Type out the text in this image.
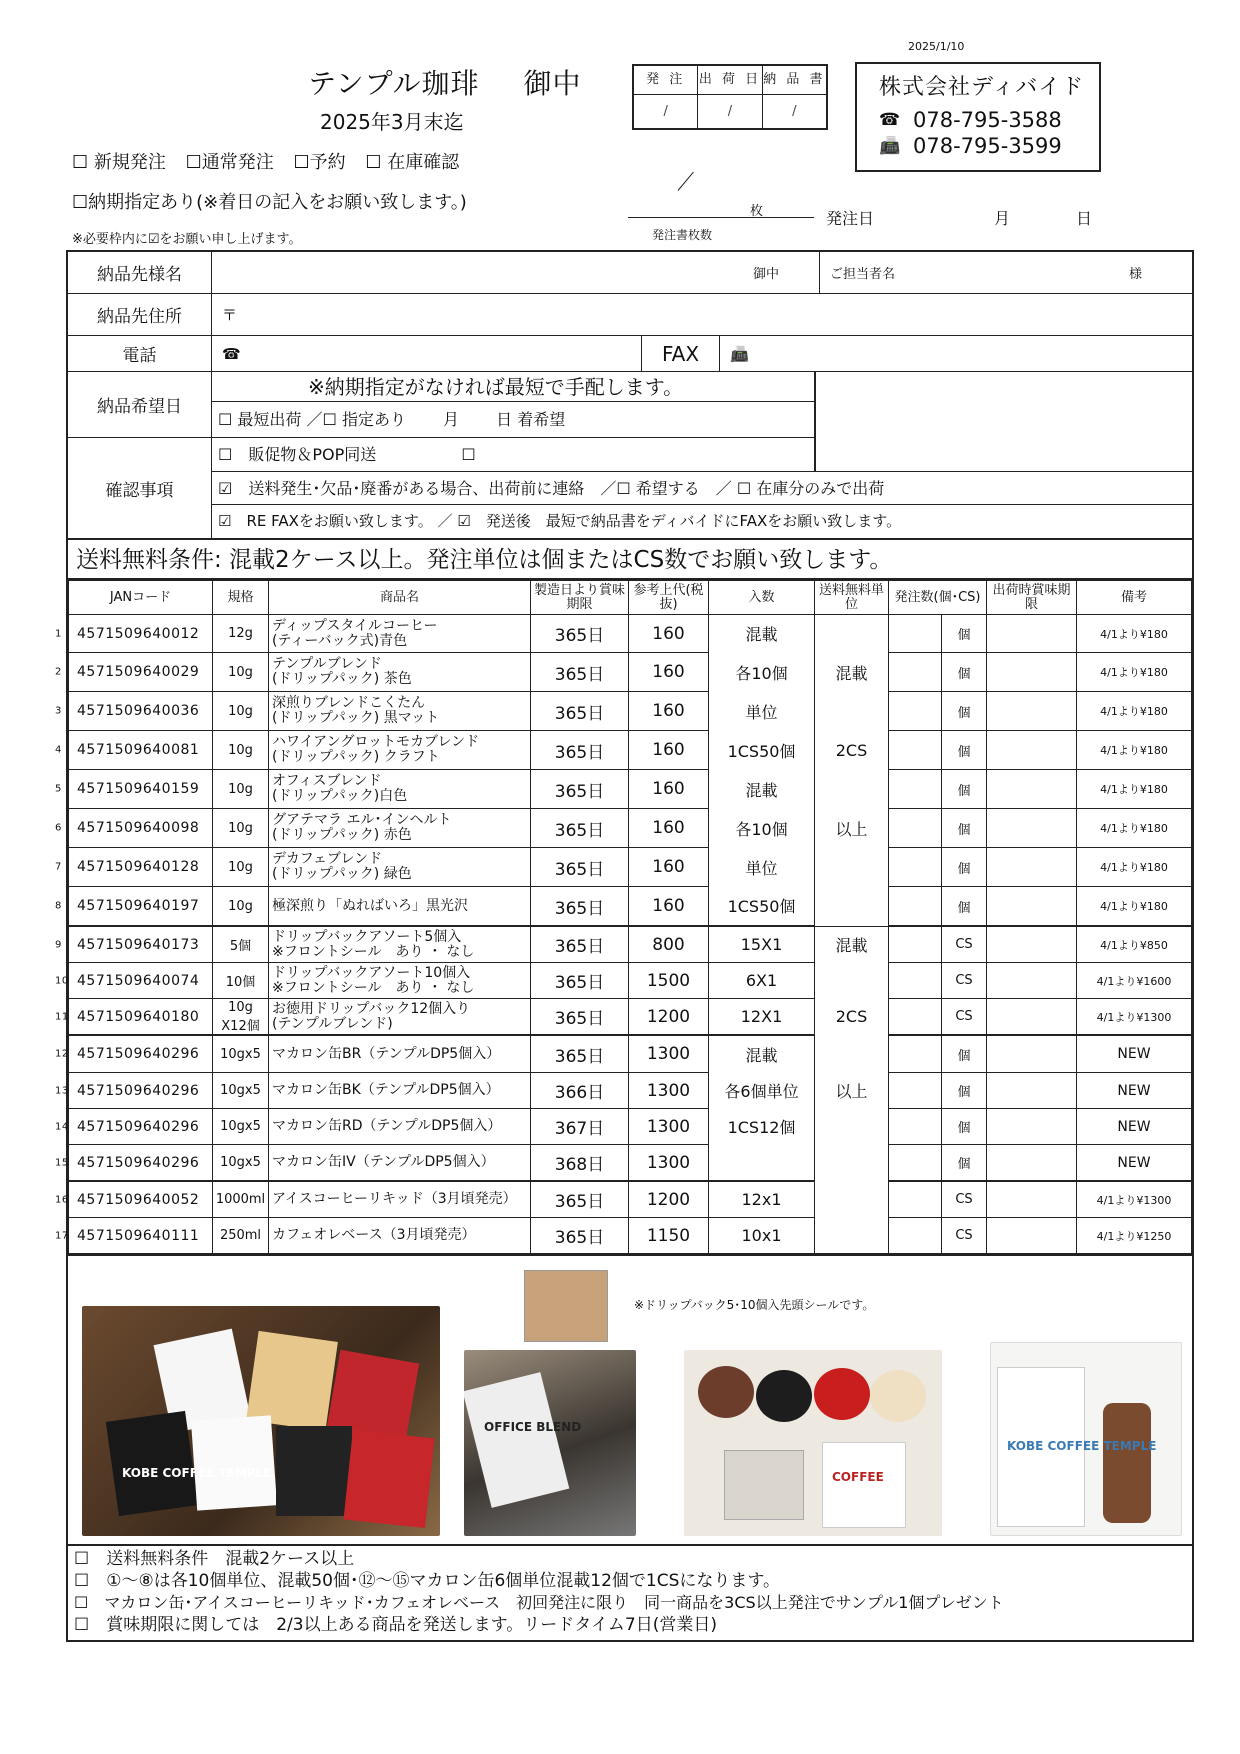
2025/1/10
テンプル珈琲 御中
2025年3月末迄
発 注	出 荷 日 納 品 書
/	/	/
株式会社ディバイド
☎ 078-795-3588
📠 078-795-3599
☐ 新規発注 ☐通常発注 ☐予約 ☐ 在庫確認
☐納期指定あり(※着日の記入をお願い致します。)
※必要枠内に☑をお願い申し上げます。
枚
発注書枚数
発注日	月	日
納品先様名	御中	ご担当者名	様
納品先住所	〒
電話	☎	FAX	📠
納品希望日
確認事項
※納期指定がなければ最短で手配します。
☐ 最短出荷 ／☐ 指定あり　　 月　　 日 着希望
☐　販促物＆POP同送　　　　　 ☐
☑　送料発生･欠品･廃番がある場合、出荷前に連絡　／☐ 希望する　／ ☐ 在庫分のみで出荷
☑　RE FAXをお願い致します。 ／ ☑　発送後　最短で納品書をディバイドにFAXをお願い致します。
送料無料条件: 混載2ケース以上。発注単位は個またはCS数でお願い致します。
JANコード	規格	商品名	製造日より賞味期限	参考上代(税抜)	入数	送料無料単位	発注数(個･CS)	出荷時賞味期限	備考

1 4571509640012	12g	ディップスタイルコーヒー
(ティーバック式)青色	365日	160	混載		個		4/1より¥180

2 4571509640029	10g	テンプルブレンド
(ドリップパック) 茶色	365日	160	各10個	混載	個		4/1より¥180

3 4571509640036	10g	深煎りブレンドこくたん
(ドリップパック) 黒マット	365日	160	単位		個		4/1より¥180

4 4571509640081	10g	ハワイアングロットモカブレンド
(ドリップパック) クラフト	365日	160	1CS50個	2CS	個		4/1より¥180

5 4571509640159	10g	オフィスブレンド
(ドリップパック)白色	365日	160	混載		個		4/1より¥180

6 4571509640098	10g	グアテマラ エル･インヘルト
(ドリップパック) 赤色	365日	160	各10個	以上	個		4/1より¥180

7 4571509640128	10g	デカフェブレンド
(ドリップパック) 緑色	365日	160	単位		個		4/1より¥180

8 4571509640197	10g	極深煎り「ぬればいろ」黒光沢	365日	160	1CS50個		個		4/1より¥180

9 4571509640173	5個	ドリップバックアソート5個入
※フロントシール　あり ・ なし	365日	800	15X1	混載	CS		4/1より¥850

10 4571509640074	10個	ドリップバックアソート10個入
※フロントシール　あり ・ なし	365日	1500	6X1		CS		4/1より¥1600

11 4571509640180	10g
X12個	お徳用ドリップバック12個入り
(テンプルブレンド)	365日	1200	12X1	2CS	CS		4/1より¥1300

12 4571509640296	10gx5	マカロン缶BR（テンプルDP5個入）	365日	1300	混載		個		NEW

13 4571509640296	10gx5	マカロン缶BK（テンプルDP5個入）	366日	1300	各6個単位	以上	個		NEW

14 4571509640296	10gx5	マカロン缶RD（テンプルDP5個入）	367日	1300	1CS12個		個		NEW

15 4571509640296	10gx5	マカロン缶IV（テンプルDP5個入）	368日	1300			個		NEW

16 4571509640052	1000ml	アイスコーヒーリキッド（3月頃発売）	365日	1200	12x1		CS		4/1より¥1300

17 4571509640111	250ml	カフェオレベース（3月頃発売）	365日	1150	10x1		CS		4/1より¥1250
KOBE COFFEE TEMPLE
※ドリップバック5･10個入先頭シールです。
OFFICE BLEND
COFFEE
KOBE COFFEE TEMPLE
☐　送料無料条件　混載2ケース以上
☐　①～⑧は各10個単位、混載50個･⑫～⑮マカロン缶6個単位混載12個で1CSになります。
☐　マカロン缶･アイスコーヒーリキッド･カフェオレベース　初回発注に限り　同一商品を3CS以上発注でサンプル1個プレゼント
☐　賞味期限に関しては　2/3以上ある商品を発送します。リードタイム7日(営業日)
